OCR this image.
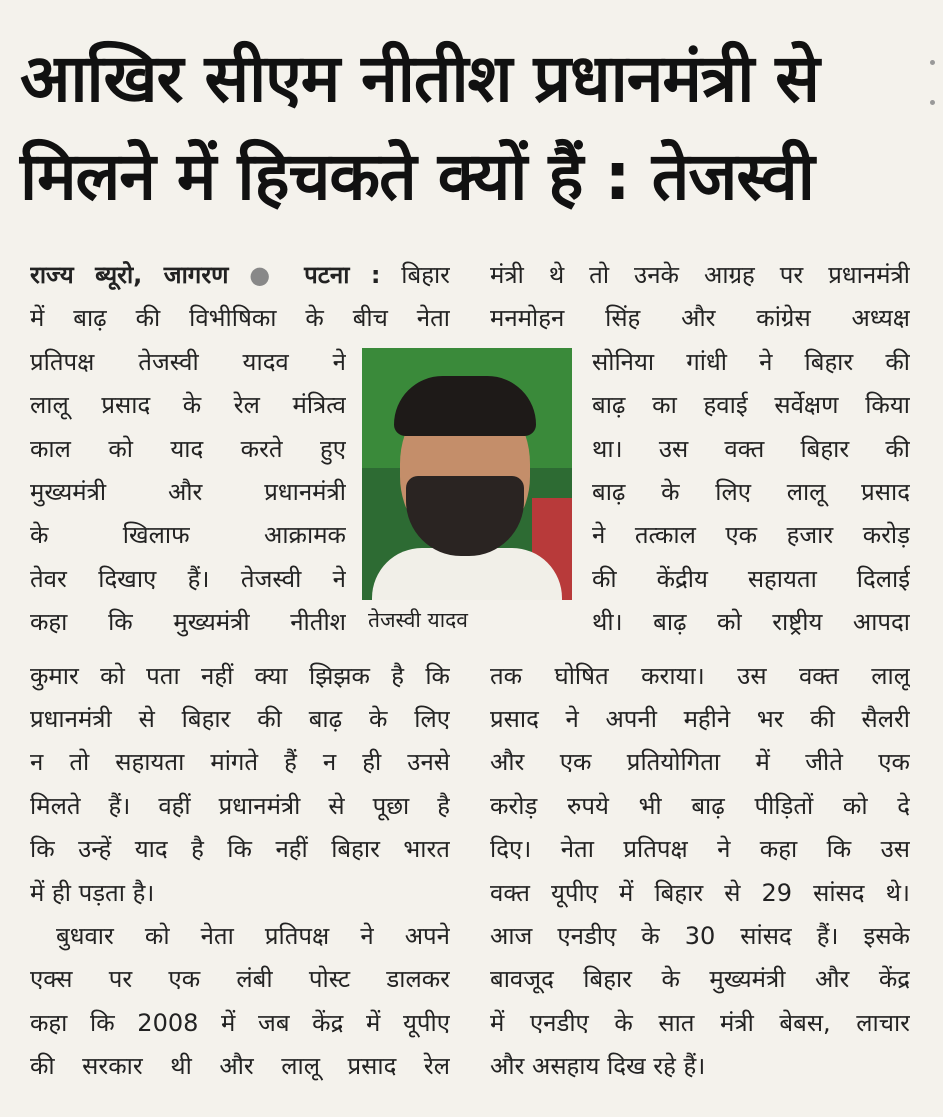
आखिर सीएम नीतीश प्रधानमंत्री से
मिलने में हिचकते क्यों हैं : तेजस्वी
राज्य ब्यूरो, जागरण ● पटना : बिहार
में बाढ़ की विभीषिका के बीच नेता
प्रतिपक्ष तेजस्वी यादव ने
लालू प्रसाद के रेल मंत्रित्व
काल को याद करते हुए
मुख्यमंत्री और प्रधानमंत्री
के खिलाफ आक्रामक
तेवर दिखाए हैं। तेजस्वी ने
कहा कि मुख्यमंत्री नीतीश
कुमार को पता नहीं क्या झिझक है कि
प्रधानमंत्री से बिहार की बाढ़ के लिए
न तो सहायता मांगते हैं न ही उनसे
मिलते हैं। वहीं प्रधानमंत्री से पूछा है
कि उन्हें याद है कि नहीं बिहार भारत
में ही पड़ता है।
बुधवार को नेता प्रतिपक्ष ने अपने
एक्स पर एक लंबी पोस्ट डालकर
कहा कि 2008 में जब केंद्र में यूपीए
की सरकार थी और लालू प्रसाद रेल
मंत्री थे तो उनके आग्रह पर प्रधानमंत्री
मनमोहन सिंह और कांग्रेस अध्यक्ष
सोनिया गांधी ने बिहार की
बाढ़ का हवाई सर्वेक्षण किया
था। उस वक्त बिहार की
बाढ़ के लिए लालू प्रसाद
ने तत्काल एक हजार करोड़
की केंद्रीय सहायता दिलाई
थी। बाढ़ को राष्ट्रीय आपदा
तक घोषित कराया। उस वक्त लालू
प्रसाद ने अपनी महीने भर की सैलरी
और एक प्रतियोगिता में जीते एक
करोड़ रुपये भी बाढ़ पीड़ितों को दे
दिए। नेता प्रतिपक्ष ने कहा कि उस
वक्त यूपीए में बिहार से 29 सांसद थे।
आज एनडीए के 30 सांसद हैं। इसके
बावजूद बिहार के मुख्यमंत्री और केंद्र
में एनडीए के सात मंत्री बेबस, लाचार
और असहाय दिख रहे हैं।
तेजस्वी यादव
